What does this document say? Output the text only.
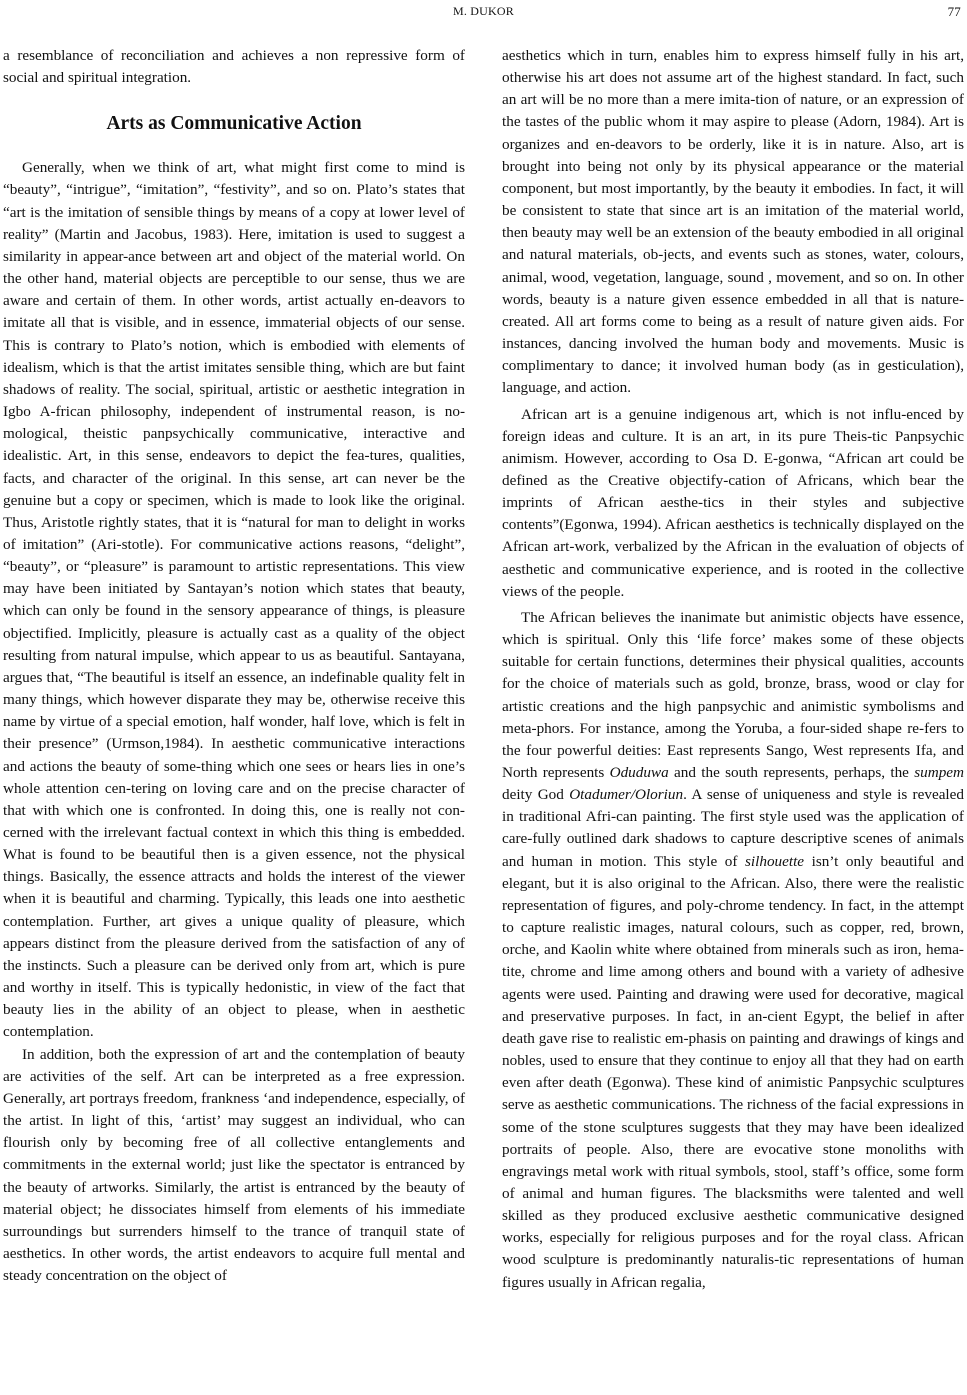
M. DUKOR	77

a resemblance of reconciliation and achieves a non repressive form of social and spiritual integration.

Arts as Communicative Action

Generally, when we think of art, what might first come to mind is “beauty”, “intrigue”, “imitation”, “festivity”, and so on. Plato’s states that “art is the imitation of sensible things by means of a copy at lower level of reality” (Martin and Jacobus, 1983). Here, imitation is used to suggest a similarity in appear-ance between art and object of the material world. On the other hand, material objects are perceptible to our sense, thus we are aware and certain of them. In other words, artist actually en-deavors to imitate all that is visible, and in essence, immaterial objects of our sense. This is contrary to Plato’s notion, which is embodied with elements of idealism, which is that the artist imitates sensible thing, which are but faint shadows of reality. The social, spiritual, artistic or aesthetic integration in Igbo A-frican philosophy, independent of instrumental reason, is no-mological, theistic panpsychically communicative, interactive and idealistic. Art, in this sense, endeavors to depict the fea-tures, qualities, facts, and character of the original. In this sense, art can never be the genuine but a copy or specimen, which is made to look like the original. Thus, Aristotle rightly states, that it is “natural for man to delight in works of imitation” (Ari-stotle). For communicative actions reasons, “delight”, “beauty”, or “pleasure” is paramount to artistic representations. This view may have been initiated by Santayan’s notion which states that beauty, which can only be found in the sensory appearance of things, is pleasure objectified. Implicitly, pleasure is actually cast as a quality of the object resulting from natural impulse, which appear to us as beautiful. Santayana, argues that, “The beautiful is itself an essence, an indefinable quality felt in many things, which however disparate they may be, otherwise receive this name by virtue of a special emotion, half wonder, half love, which is felt in their presence” (Urmson,1984). In aesthetic communicative interactions and actions the beauty of some-thing which one sees or hears lies in one’s whole attention cen-tering on loving care and on the precise character of that with which one is confronted. In doing this, one is really not con-cerned with the irrelevant factual context in which this thing is embedded. What is found to be beautiful then is a given essence, not the physical things. Basically, the essence attracts and holds the interest of the viewer when it is beautiful and charming. Typically, this leads one into aesthetic contemplation. Further, art gives a unique quality of pleasure, which appears distinct from the pleasure derived from the satisfaction of any of the instincts. Such a pleasure can be derived only from art, which is pure and worthy in itself. This is typically hedonistic, in view of the fact that beauty lies in the ability of an object to please, when in aesthetic contemplation.

In addition, both the expression of art and the contemplation of beauty are activities of the self. Art can be interpreted as a free expression. Generally, art portrays freedom, frankness ‘and independence, especially, of the artist. In light of this, ‘artist’ may suggest an individual, who can flourish only by becoming free of all collective entanglements and commitments in the external world; just like the spectator is entranced by the beauty of artworks. Similarly, the artist is entranced by the beauty of material object; he dissociates himself from elements of his immediate surroundings but surrenders himself to the trance of tranquil state of aesthetics. In other words, the artist endeavors to acquire full mental and steady concentration on the object of

aesthetics which in turn, enables him to express himself fully in his art, otherwise his art does not assume art of the highest standard. In fact, such an art will be no more than a mere imita-tion of nature, or an expression of the tastes of the public whom it may aspire to please (Adorn, 1984). Art is organizes and en-deavors to be orderly, like it is in nature. Also, art is brought into being not only by its physical appearance or the material component, but most importantly, by the beauty it embodies. In fact, it will be consistent to state that since art is an imitation of the material world, then beauty may well be an extension of the beauty embodied in all original and natural materials, ob-jects, and events such as stones, water, colours, animal, wood, vegetation, language, sound , movement, and so on. In other words, beauty is a nature given essence embedded in all that is nature-created. All art forms come to being as a result of nature given aids. For instances, dancing involved the human body and movements. Music is complimentary to dance; it involved human body (as in gesticulation), language, and action.

African art is a genuine indigenous art, which is not influ-enced by foreign ideas and culture. It is an art, in its pure Theis-tic Panpsychic animism. However, according to Osa D. E-gonwa, “African art could be defined as the Creative objectify-cation of Africans, which bear the imprints of African aesthe-tics in their styles and subjective contents”(Egonwa, 1994). African aesthetics is technically displayed on the African art-work, verbalized by the African in the evaluation of objects of aesthetic and communicative experience, and is rooted in the collective views of the people.

The African believes the inanimate but animistic objects have essence, which is spiritual. Only this ‘life force’ makes some of these objects suitable for certain functions, determines their physical qualities, accounts for the choice of materials such as gold, bronze, brass, wood or clay for artistic creations and the high panpsychic and animistic symbolisms and meta-phors. For instance, among the Yoruba, a four-sided shape re-fers to the four powerful deities: East represents Sango, West represents Ifa, and North represents Oduduwa and the south represents, perhaps, the sumpem deity God Otadumer/Oloriun. A sense of uniqueness and style is revealed in traditional Afri-can painting. The first style used was the application of care-fully outlined dark shadows to capture descriptive scenes of animals and human in motion. This style of silhouette isn’t only beautiful and elegant, but it is also original to the African. Also, there were the realistic representation of figures, and poly-chrome tendency. In fact, in the attempt to capture realistic images, natural colours, such as copper, red, brown, orche, and Kaolin white where obtained from minerals such as iron, hema-tite, chrome and lime among others and bound with a variety of adhesive agents were used. Painting and drawing were used for decorative, magical and preservative purposes. In fact, in an-cient Egypt, the belief in after death gave rise to realistic em-phasis on painting and drawings of kings and nobles, used to ensure that they continue to enjoy all that they had on earth even after death (Egonwa). These kind of animistic Panpsychic sculptures serve as aesthetic communications. The richness of the facial expressions in some of the stone sculptures suggests that they may have been idealized portraits of people. Also, there are evocative stone monoliths with engravings metal work with ritual symbols, stool, staff’s office, some form of animal and human figures. The blacksmiths were talented and well skilled as they produced exclusive aesthetic communicative designed works, especially for religious purposes and for the royal class. African wood sculpture is predominantly naturalis-tic representations of human figures usually in African regalia,
